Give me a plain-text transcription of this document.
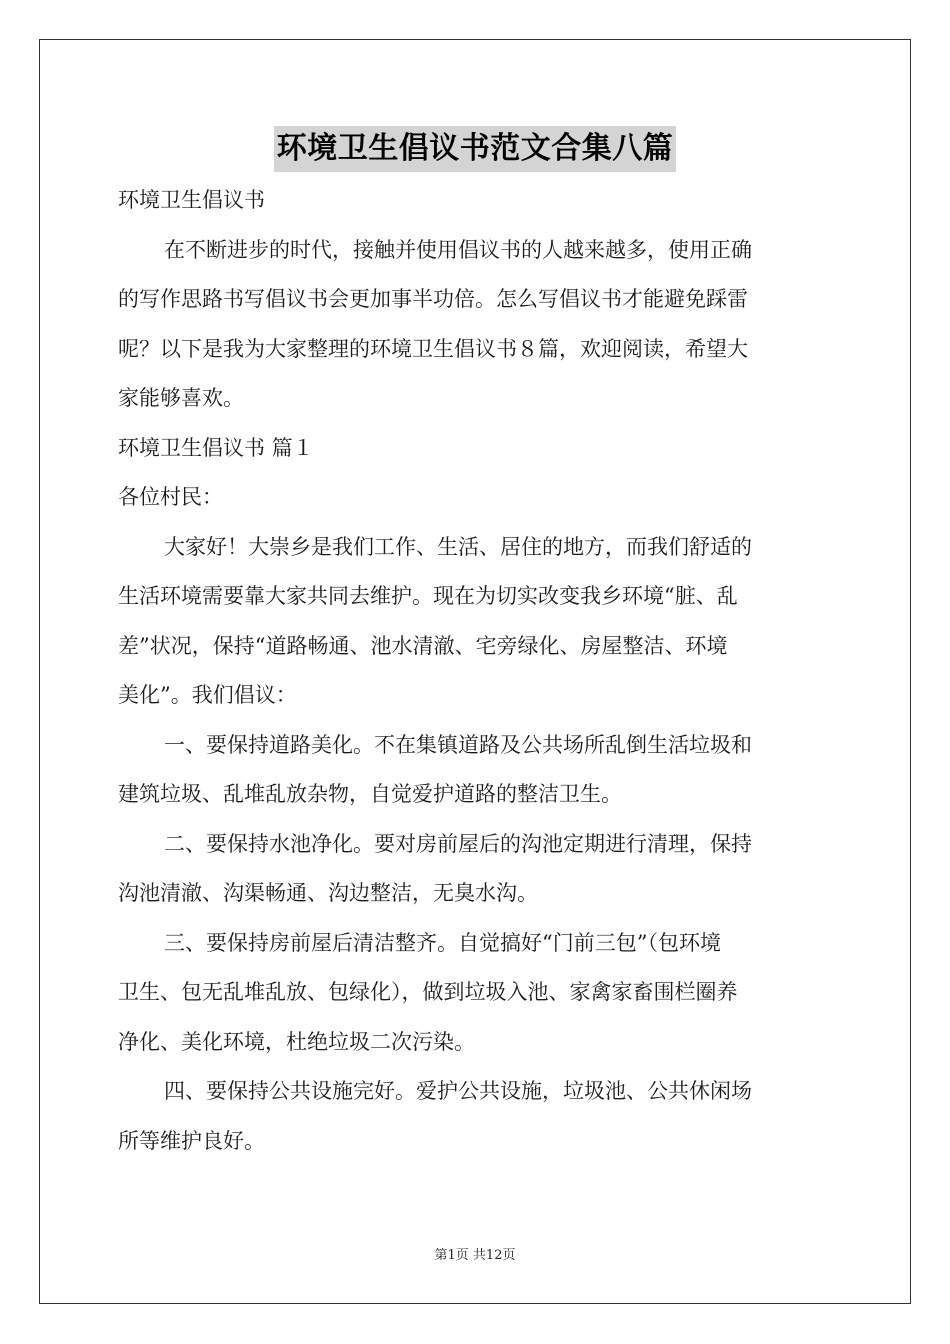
环境卫生倡议书范文合集八篇

环境卫生倡议书

在不断进步的时代，接触并使用倡议书的人越来越多，使用正确

的写作思路书写倡议书会更加事半功倍。怎么写倡议书才能避免踩雷

呢？以下是我为大家整理的环境卫生倡议书８篇，欢迎阅读，希望大

家能够喜欢。

环境卫生倡议书 篇１

各位村民：

大家好！大崇乡是我们工作、生活、居住的地方，而我们舒适的

生活环境需要靠大家共同去维护。现在为切实改变我乡环境“脏、乱

差”状况，保持“道路畅通、池水清澈、宅旁绿化、房屋整洁、环境

美化”。我们倡议：

一、要保持道路美化。不在集镇道路及公共场所乱倒生活垃圾和

建筑垃圾、乱堆乱放杂物，自觉爱护道路的整洁卫生。

二、要保持水池净化。要对房前屋后的沟池定期进行清理，保持

沟池清澈、沟渠畅通、沟边整洁，无臭水沟。

三、要保持房前屋后清洁整齐。自觉搞好“门前三包”（包环境

卫生、包无乱堆乱放、包绿化），做到垃圾入池、家禽家畜围栏圈养

净化、美化环境，杜绝垃圾二次污染。

四、要保持公共设施完好。爱护公共设施，垃圾池、公共休闲场

所等维护良好。

第1页 共12页
